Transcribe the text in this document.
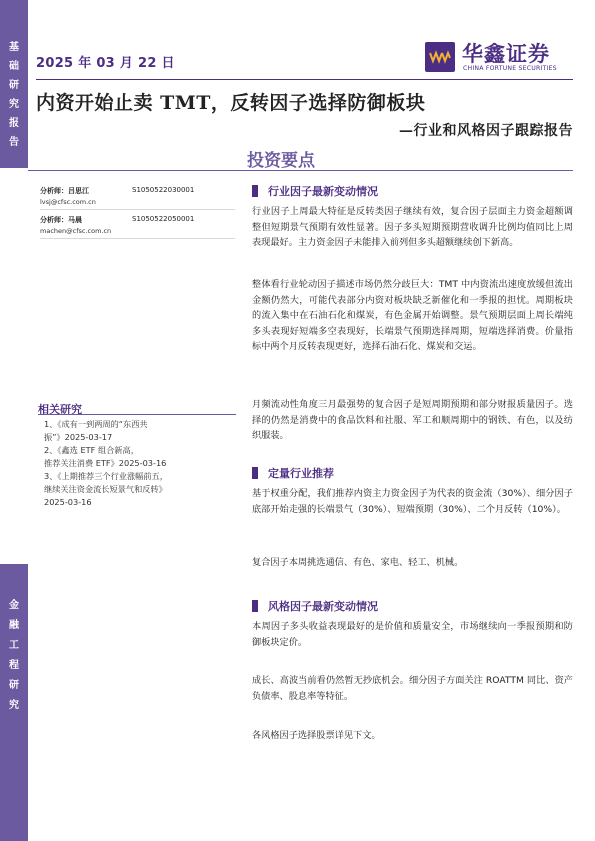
基
础
研
究
报
告
金
融
工
程
研
究
2025 年 03 月 22 日	华鑫证券
CHINA FORTUNE SECURITIES
内资开始止卖 TMT，反转因子选择防御板块
—行业和风格因子跟踪报告
投资要点
分析师：吕思江	S1050522030001
lvsj@cfsc.com.cn
分析师：马晨	S1050522050001
machen@cfsc.com.cn
相关研究
1、《成有一到两周的“东西共
振”》2025-03-17
2、《鑫选 ETF 组合新高，
推荐关注消费 ETF》2025-03-16
3、《上期推荐三个行业涨幅前五，
继续关注资金流长短景气和反转》
2025-03-16
行业因子最新变动情况
行业因子上周最大特征是反转类因子继续有效，复合因子层面主力资金超额调整但短期景气预期有效性显著。因子多头短期预期营收调升比例均值同比上周表现最好。主力资金因子未能排入前列但多头超额继续创下新高。
整体看行业轮动因子描述市场仍然分歧巨大：TMT 中内资流出速度放缓但流出金额仍然大，可能代表部分内资对板块缺乏新催化和一季报的担忧。周期板块的流入集中在石油石化和煤炭，有色金属开始调整。景气预期层面上周长端纯多头表现好短端多空表现好，长端景气预期选择周期，短端选择消费。价量指标中两个月反转表现更好，选择石油石化、煤炭和交运。
月频流动性角度三月最强势的复合因子是短周期预期和部分财报质量因子。选择的仍然是消费中的食品饮料和社服、军工和顺周期中的钢铁、有色，以及纺织服装。
定量行业推荐
基于权重分配，我们推荐内资主力资金因子为代表的资金流（30%）、细分因子底部开始走强的长端景气（30%）、短端预期（30%）、二个月反转（10%）。
复合因子本周挑选通信、有色、家电、轻工、机械。
风格因子最新变动情况
本周因子多头收益表现最好的是价值和质量安全，市场继续向一季报预期和防御板块定价。
成长、高波当前看仍然暂无抄底机会。细分因子方面关注 ROATTM 同比、资产负债率、股息率等特征。
各风格因子选择股票详见下文。
